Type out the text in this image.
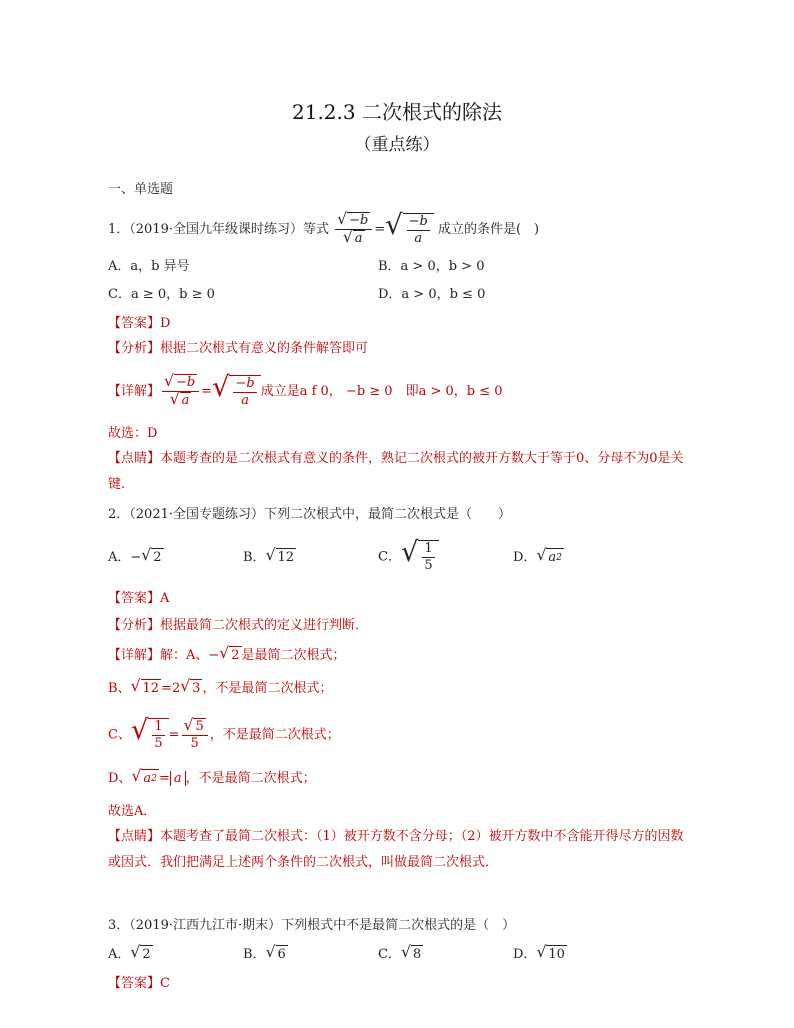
21.2.3 二次根式的除法
（重点练）
一、单选题
1．（2019·全国九年级课时练习）等式 $\frac{√ -b}{√ a}$ = √ $\frac{-b}{a}$ 成立的条件是(　)
A．a，b 异号	B．a > 0，b > 0
C．a ≥ 0，b ≥ 0	D．a > 0，b ≤ 0
【答案】D
【分析】根据二次根式有意义的条件解答即可
【详解】 $\frac{√ -b}{√ a}$ = √ $\frac{-b}{a}$ 成立是a f 0， −b ≥ 0　即a > 0，b ≤ 0
故选：D
【点睛】本题考查的是二次根式有意义的条件，熟记二次根式的被开方数大于等于0、分母不为0是关键.
2．（2021·全国专题练习）下列二次根式中，最简二次根式是（　　）
A．− √ 2	B． √ 12	C． √ $\frac{1}{5}$	D． √ a 2
【答案】A
【分析】根据最简二次根式的定义进行判断．
【详解】解：A、− √ 2 是最简二次根式；
B、 √ 12 =2 √ 3 ，不是最简二次根式；
C、 √ $\frac{1}{5} = \frac{√ 5}{5}$ ，不是最简二次根式；
D、 √ a 2 = a ，不是最简二次根式；
故选A．
【点睛】本题考查了最简二次根式：（1）被开方数不含分母；（2）被开方数中不含能开得尽方的因数或因式．我们把满足上述两个条件的二次根式，叫做最简二次根式．
3．（2019·江西九江市·期末）下列根式中不是最简二次根式的是（　）
A． √ 2	B． √ 6	C． √ 8	D． √ 10
【答案】C
